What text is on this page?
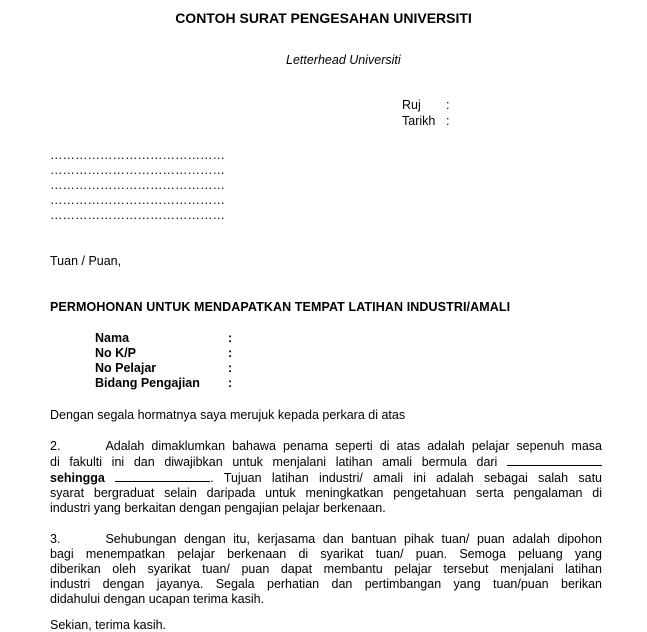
CONTOH SURAT PENGESAHAN UNIVERSITI
Letterhead Universiti
Ruj :
Tarikh :
……………………………………
……………………………………
……………………………………
……………………………………
……………………………………
Tuan / Puan,
PERMOHONAN UNTUK MENDAPATKAN TEMPAT LATIHAN INDUSTRI/AMALI
Nama	:
No K/P	:
No Pelajar	:
Bidang Pengajian :
Dengan segala hormatnya saya merujuk kepada perkara di atas
2.	Adalah dimaklumkan bahawa penama seperti di atas adalah pelajar sepenuh masa
di fakulti ini dan diwajibkan untuk menjalani latihan amali bermula dari
sehingga	. Tujuan latihan industri/ amali ini adalah sebagai salah satu
syarat bergraduat selain daripada untuk meningkatkan pengetahuan serta pengalaman di
industri yang berkaitan dengan pengajian pelajar berkenaan.
3.	Sehubungan dengan itu, kerjasama dan bantuan pihak tuan/ puan adalah dipohon
bagi menempatkan pelajar berkenaan di syarikat tuan/ puan. Semoga peluang yang
diberikan oleh syarikat tuan/ puan dapat membantu pelajar tersebut menjalani latihan
industri dengan jayanya. Segala perhatian dan pertimbangan yang tuan/puan berikan
didahului dengan ucapan terima kasih.
Sekian, terima kasih.
